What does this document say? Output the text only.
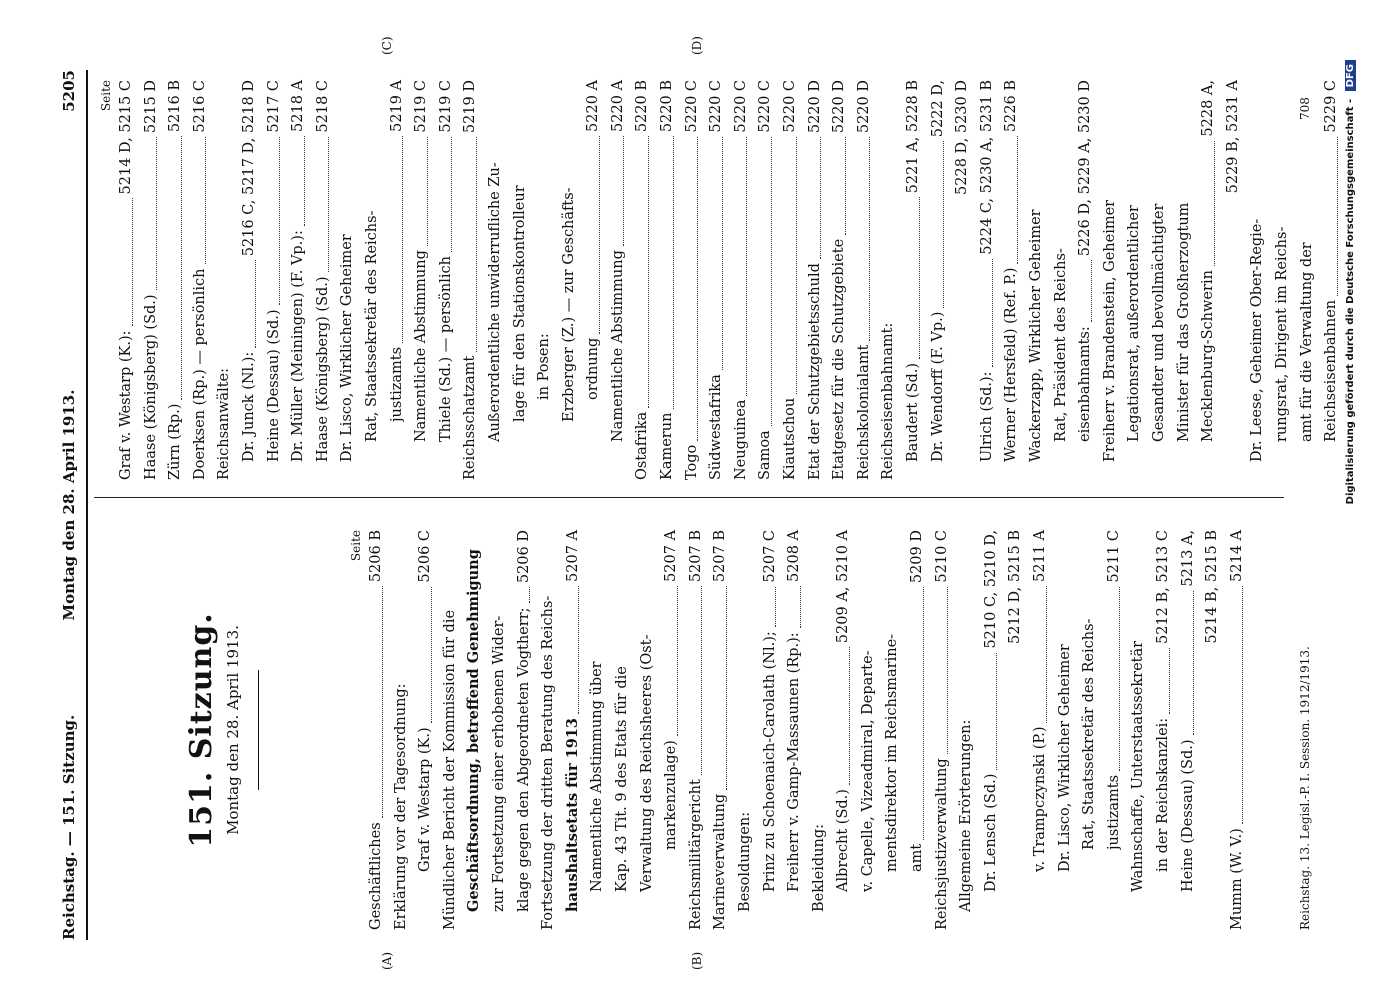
Reichstag. — 151. Sitzung.
Montag den 28. April 1913.
5205
(A)	(B)
(C)	(D)
Seite
Geschäftliches
5206 B
Erklärung vor der Tagesordnung: Graf v. Westarp (K.)
5206 C
Mündlicher Bericht der Kommission für die Geschäftsordnung, betreffend Genehmigung zur Fortsetzung einer erhobenen Wider- klage gegen den Abgeordneten Vogtherr;
5206 D
Fortsetzung der dritten Beratung des Reichs- haushaltsetats für 1913
5207 A
Namentliche Abstimmung über Kap. 43 Tit. 9 des Etats für die Verwaltung des Reichsheeres (Ost- markenzulage)
5207 A
Reichsmilitärgericht
5207 B
Marineverwaltung
5207 B
Besoldungen: Prinz zu Schoenaich-Carolath (Nl.);
5207 C
Freiherr v. Gamp-Massaunen (Rp.):
5208 A
Bekleidung: Albrecht (Sd.)
5209 A, 5210 A
v. Capelle, Vizeadmiral, Departe- mentsdirektor im Reichsmarine- amt
5209 D
Reichsjustizverwaltung
5210 C
Allgemeine Erörterungen: Dr. Lensch (Sd.)
5210 C, 5210 D, 5212 D, 5215 B
v. Trampczynski (P.)
5211 A
Dr. Lisco, Wirklicher Geheimer Rat, Staatssekretär des Reichs- justizamts
5211 C
Wahnschaffe, Unterstaatssekretär in der Reichskanzlei:
5212 B, 5213 C
Heine (Dessau) (Sd.)
5213 A, 5214 B, 5215 B
Mumm (W. V.)
5214 A
151. Sitzung. Montag den 28. April 1913.
Seite
Graf v. Westarp (K.):
5214 D, 5215 C
Haase (Königsberg) (Sd.)
5215 D
Zürn (Rp.)
5216 B
Doerksen (Rp.) — persönlich
5216 C
Reichsanwälte: Dr. Junck (Nl.):
5216 C, 5217 D, 5218 D
Heine (Dessau) (Sd.)
5217 C
Dr. Müller (Meiningen) (F. Vp.):
5218 A
Haase (Königsberg) (Sd.)
5218 C
Dr. Lisco, Wirklicher Geheimer Rat, Staatssekretär des Reichs- justizamts
5219 A
Namentliche Abstimmung
5219 C
Thiele (Sd.) — persönlich
5219 C
Reichsschatzamt
5219 D
Außerordentliche unwiderrufliche Zu- lage für den Stationskontrolleur in Posen: Erzberger (Z.) — zur Geschäfts- ordnung
5220 A
Namentliche Abstimmung
5220 A
Ostafrika
5220 B
Kamerun
5220 B
Togo
5220 C
Südwestafrika
5220 C
Neuguinea
5220 C
Samoa
5220 C
Kiautschou
5220 C
Etat der Schutzgebietsschuld
5220 D
Etatgesetz für die Schutzgebiete
5220 D
Reichskolonialamt
5220 D
Reichseisenbahnamt: Baudert (Sd.)
5221 A, 5228 B
Dr. Wendorff (F. Vp.)
5222 D, 5228 D, 5230 D
Ulrich (Sd.):
5224 C, 5230 A, 5231 B
Werner (Hersfeld) (Ref. P.)
5226 B
Wackerzapp, Wirklicher Geheimer Rat, Präsident des Reichs- eisenbahnamts:
5226 D, 5229 A, 5230 D
Freiherr v. Brandenstein, Geheimer Legationsrat, außerordentlicher Gesandter und bevollmächtigter Minister für das Großherzogtum Mecklenburg-Schwerin
5228 A, 5229 B, 5231 A
Dr. Leese, Geheimer Ober-Regie- rungsrat, Dirigent im Reichs- amt für die Verwaltung der Reichseisenbahnen
5229 C
Reichstag. 13. Legisl.-P. I. Session. 1912/1913.
708	Digitalisierung gefördert durch die Deutsche Forschungsgemeinschaft - DFG
